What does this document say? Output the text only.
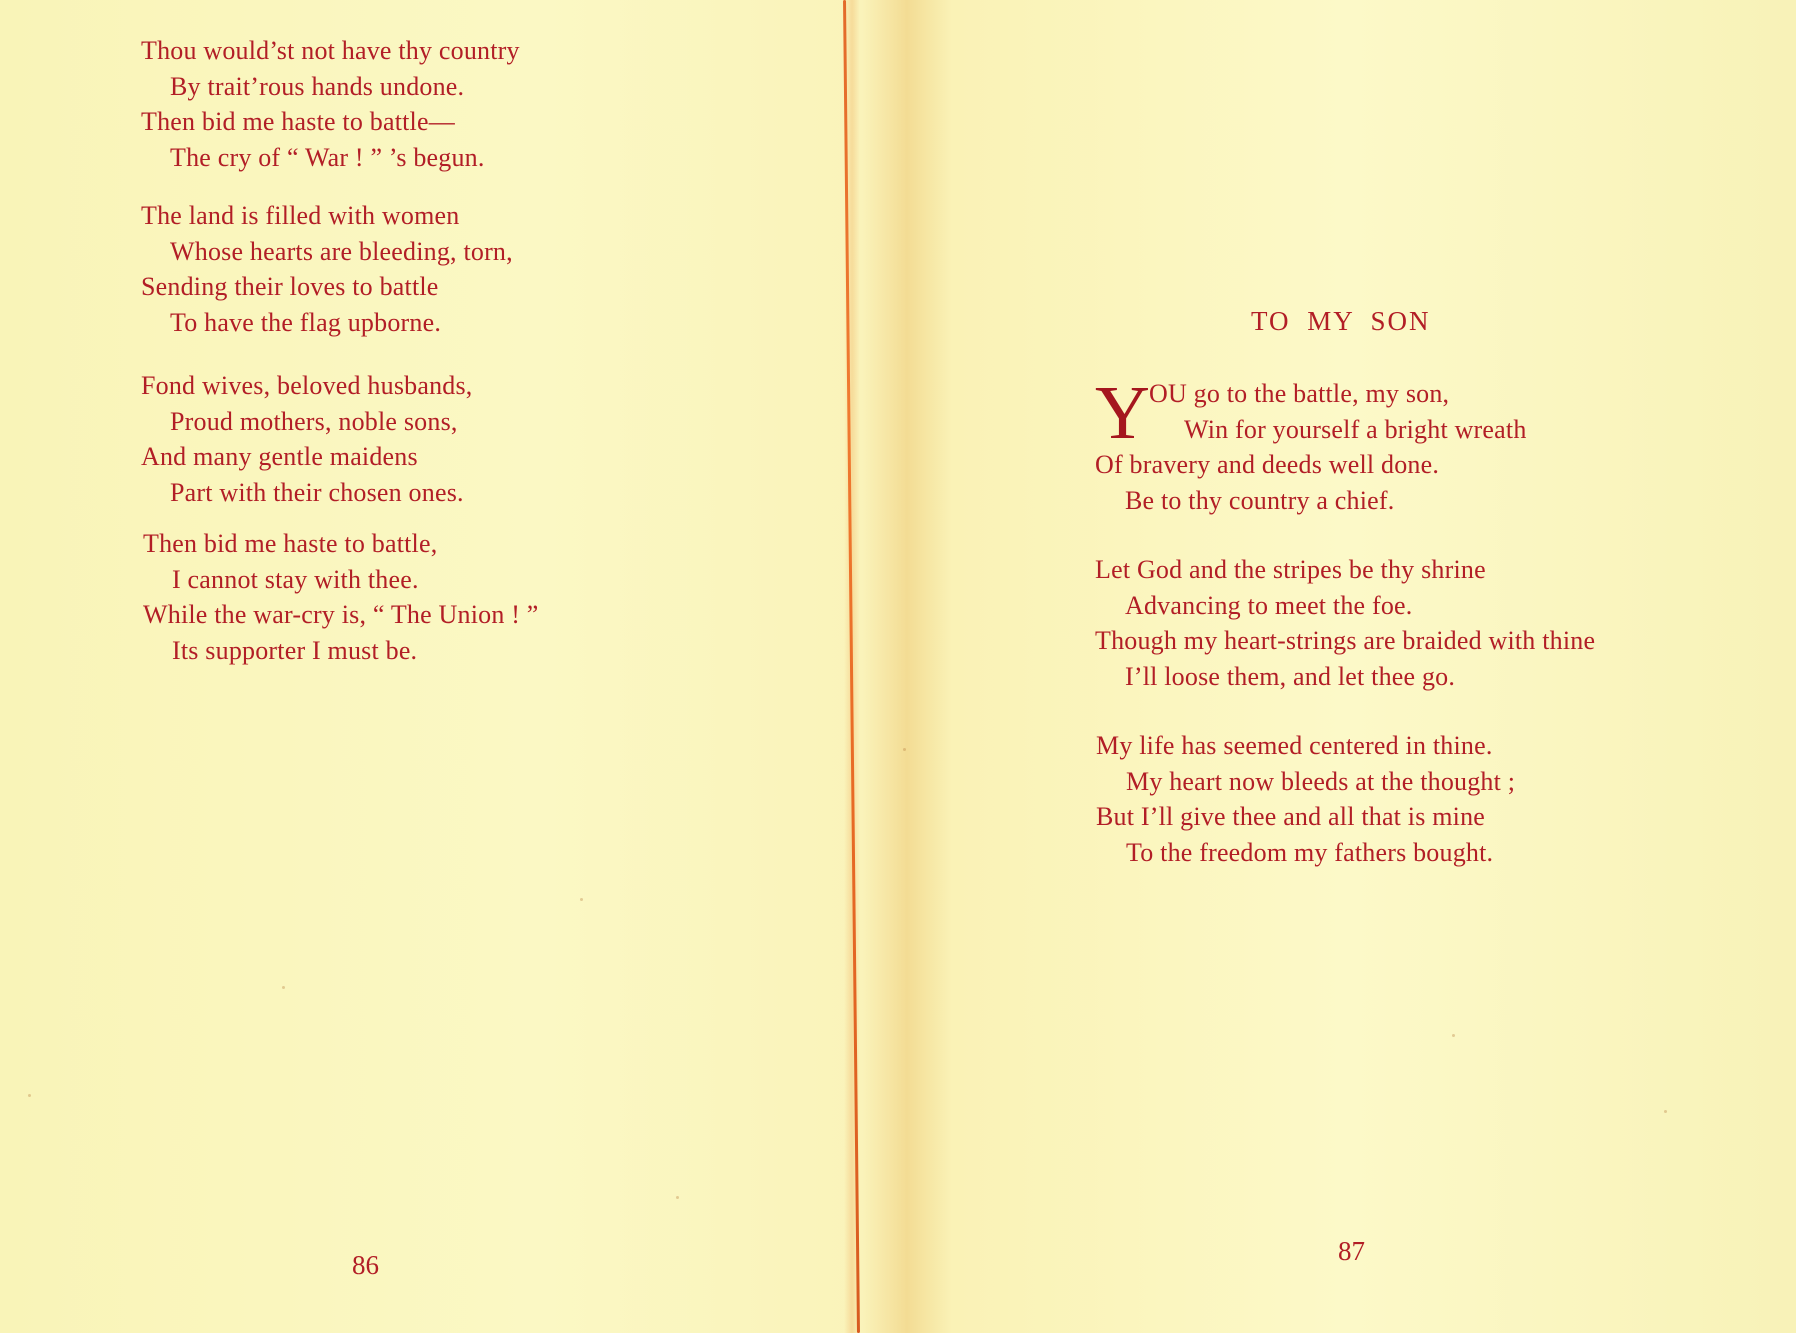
Thou would’st not have thy country
By trait’rous hands undone.
Then bid me haste to battle—
The cry of “ War ! ” ’s begun.

The land is filled with women
Whose hearts are bleeding, torn,
Sending their loves to battle
To have the flag upborne.

Fond wives, beloved husbands,
Proud mothers, noble sons,
And many gentle maidens
Part with their chosen ones.

Then bid me haste to battle,
I cannot stay with thee.
While the war-cry is, “ The Union ! ”
Its supporter I must be.

86
TO MY SON

Y OU go to the battle, my son,
Win for yourself a bright wreath
Of bravery and deeds well done.
Be to thy country a chief.

Let God and the stripes be thy shrine
Advancing to meet the foe.
Though my heart-strings are braided with thine
I’ll loose them, and let thee go.

My life has seemed centered in thine.
My heart now bleeds at the thought ;
But I’ll give thee and all that is mine
To the freedom my fathers bought.

87
